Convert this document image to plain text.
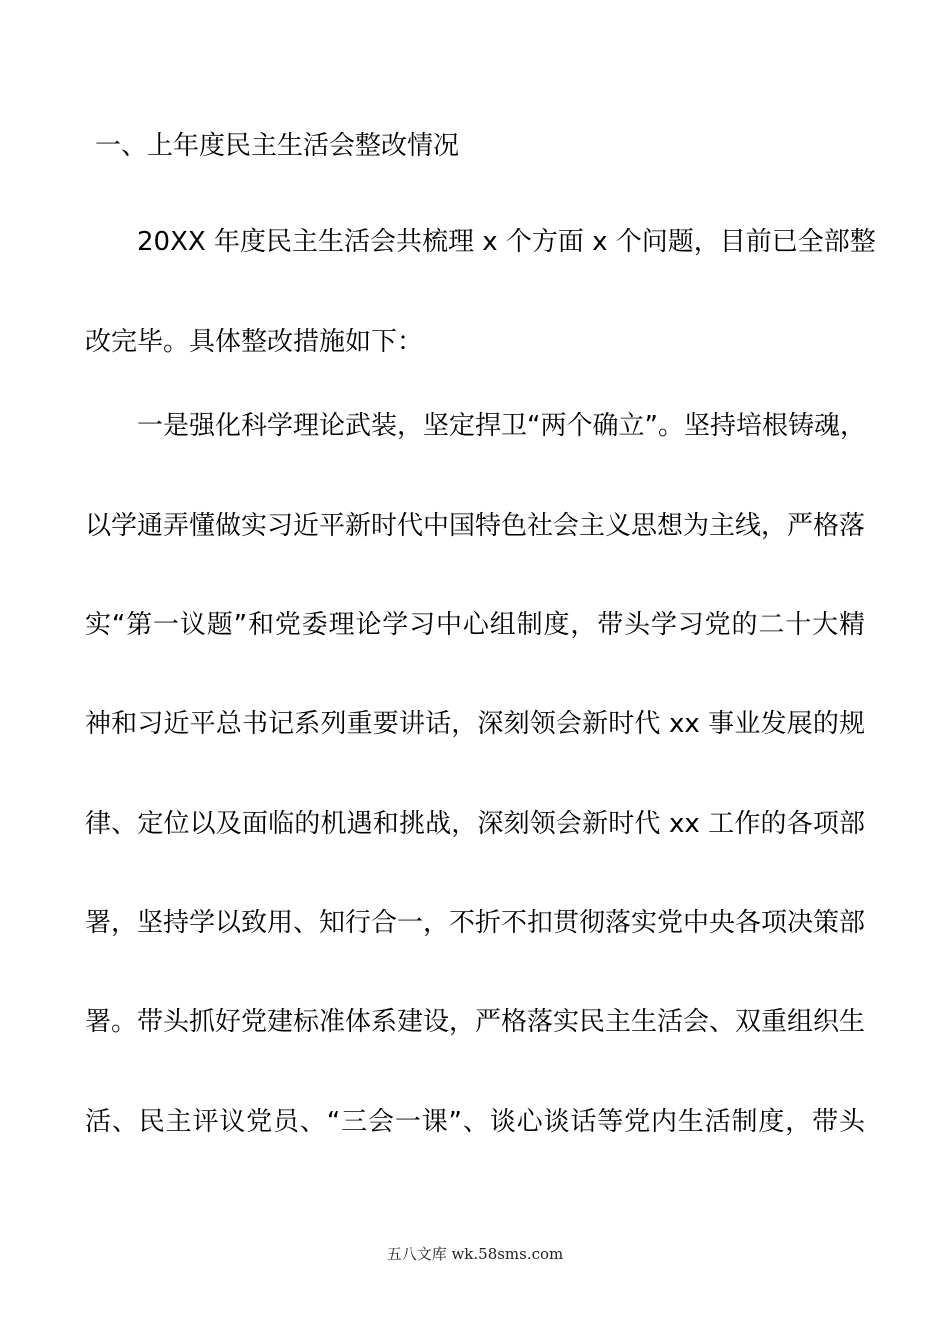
一、上年度民主生活会整改情况
20XX 年度民主生活会共梳理 x 个方面 x 个问题，目前已全部整
改完毕。具体整改措施如下：
一是强化科学理论武装，坚定捍卫“两个确立”。坚持培根铸魂，
以学通弄懂做实习近平新时代中国特色社会主义思想为主线，严格落
实“第一议题”和党委理论学习中心组制度，带头学习党的二十大精
神和习近平总书记系列重要讲话，深刻领会新时代 xx 事业发展的规
律、定位以及面临的机遇和挑战，深刻领会新时代 xx 工作的各项部
署，坚持学以致用、知行合一，不折不扣贯彻落实党中央各项决策部
署。带头抓好党建标准体系建设，严格落实民主生活会、双重组织生
活、民主评议党员、“三会一课”、谈心谈话等党内生活制度，带头
五八文库 wk.58sms.com
